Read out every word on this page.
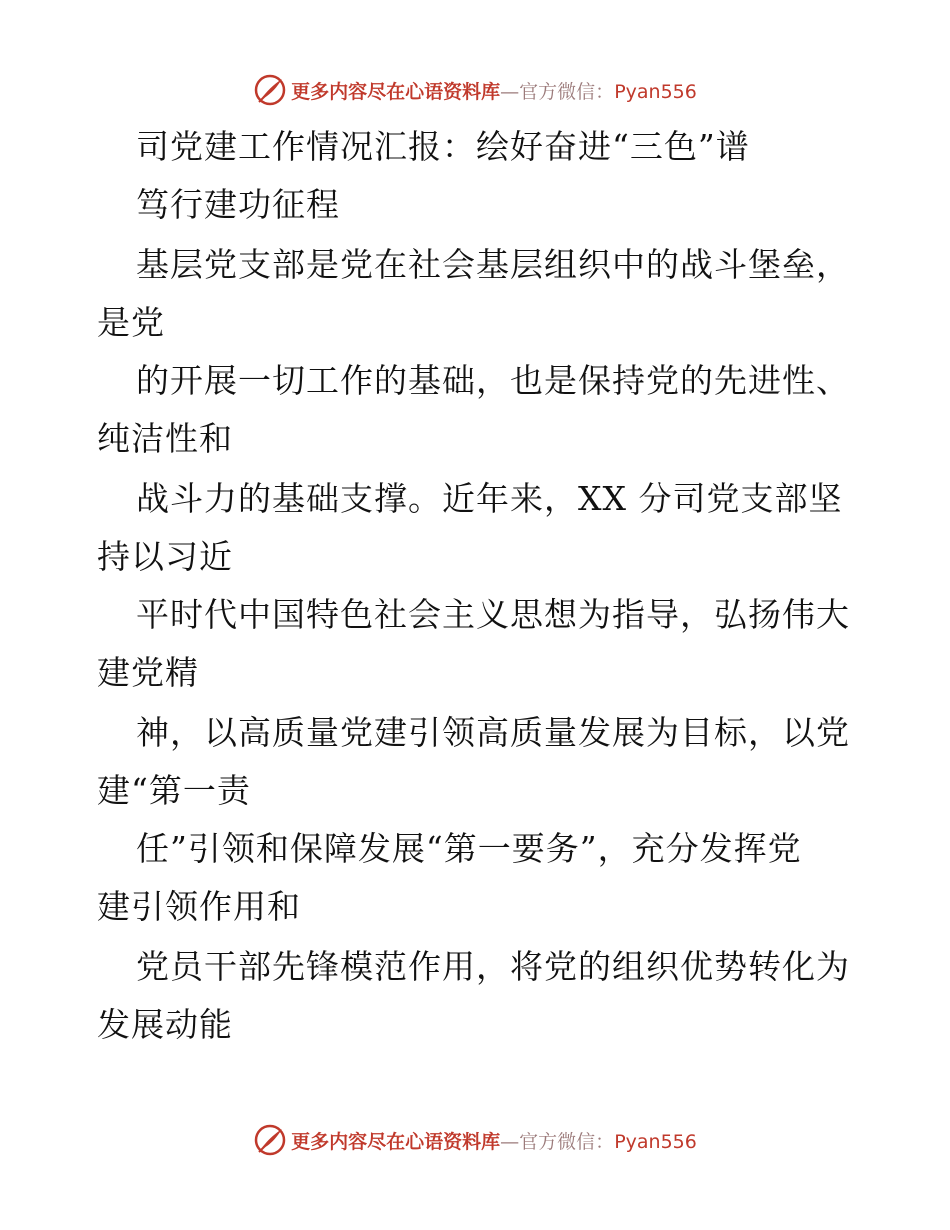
更多内容尽在心语资料库—官方微信：Pyan556
司党建工作情况汇报：绘好奋进“三色”谱
笃行建功征程
基层党支部是党在社会基层组织中的战斗堡垒，
是党
的开展一切工作的基础，也是保持党的先进性、
纯洁性和
战斗力的基础支撑。近年来，XX 分司党支部坚
持以习近
平时代中国特色社会主义思想为指导，弘扬伟大
建党精
神，以高质量党建引领高质量发展为目标，以党
建“第一责
任”引领和保障发展“第一要务”，充分发挥党
建引领作用和
党员干部先锋模范作用，将党的组织优势转化为
发展动能
更多内容尽在心语资料库—官方微信：Pyan556
